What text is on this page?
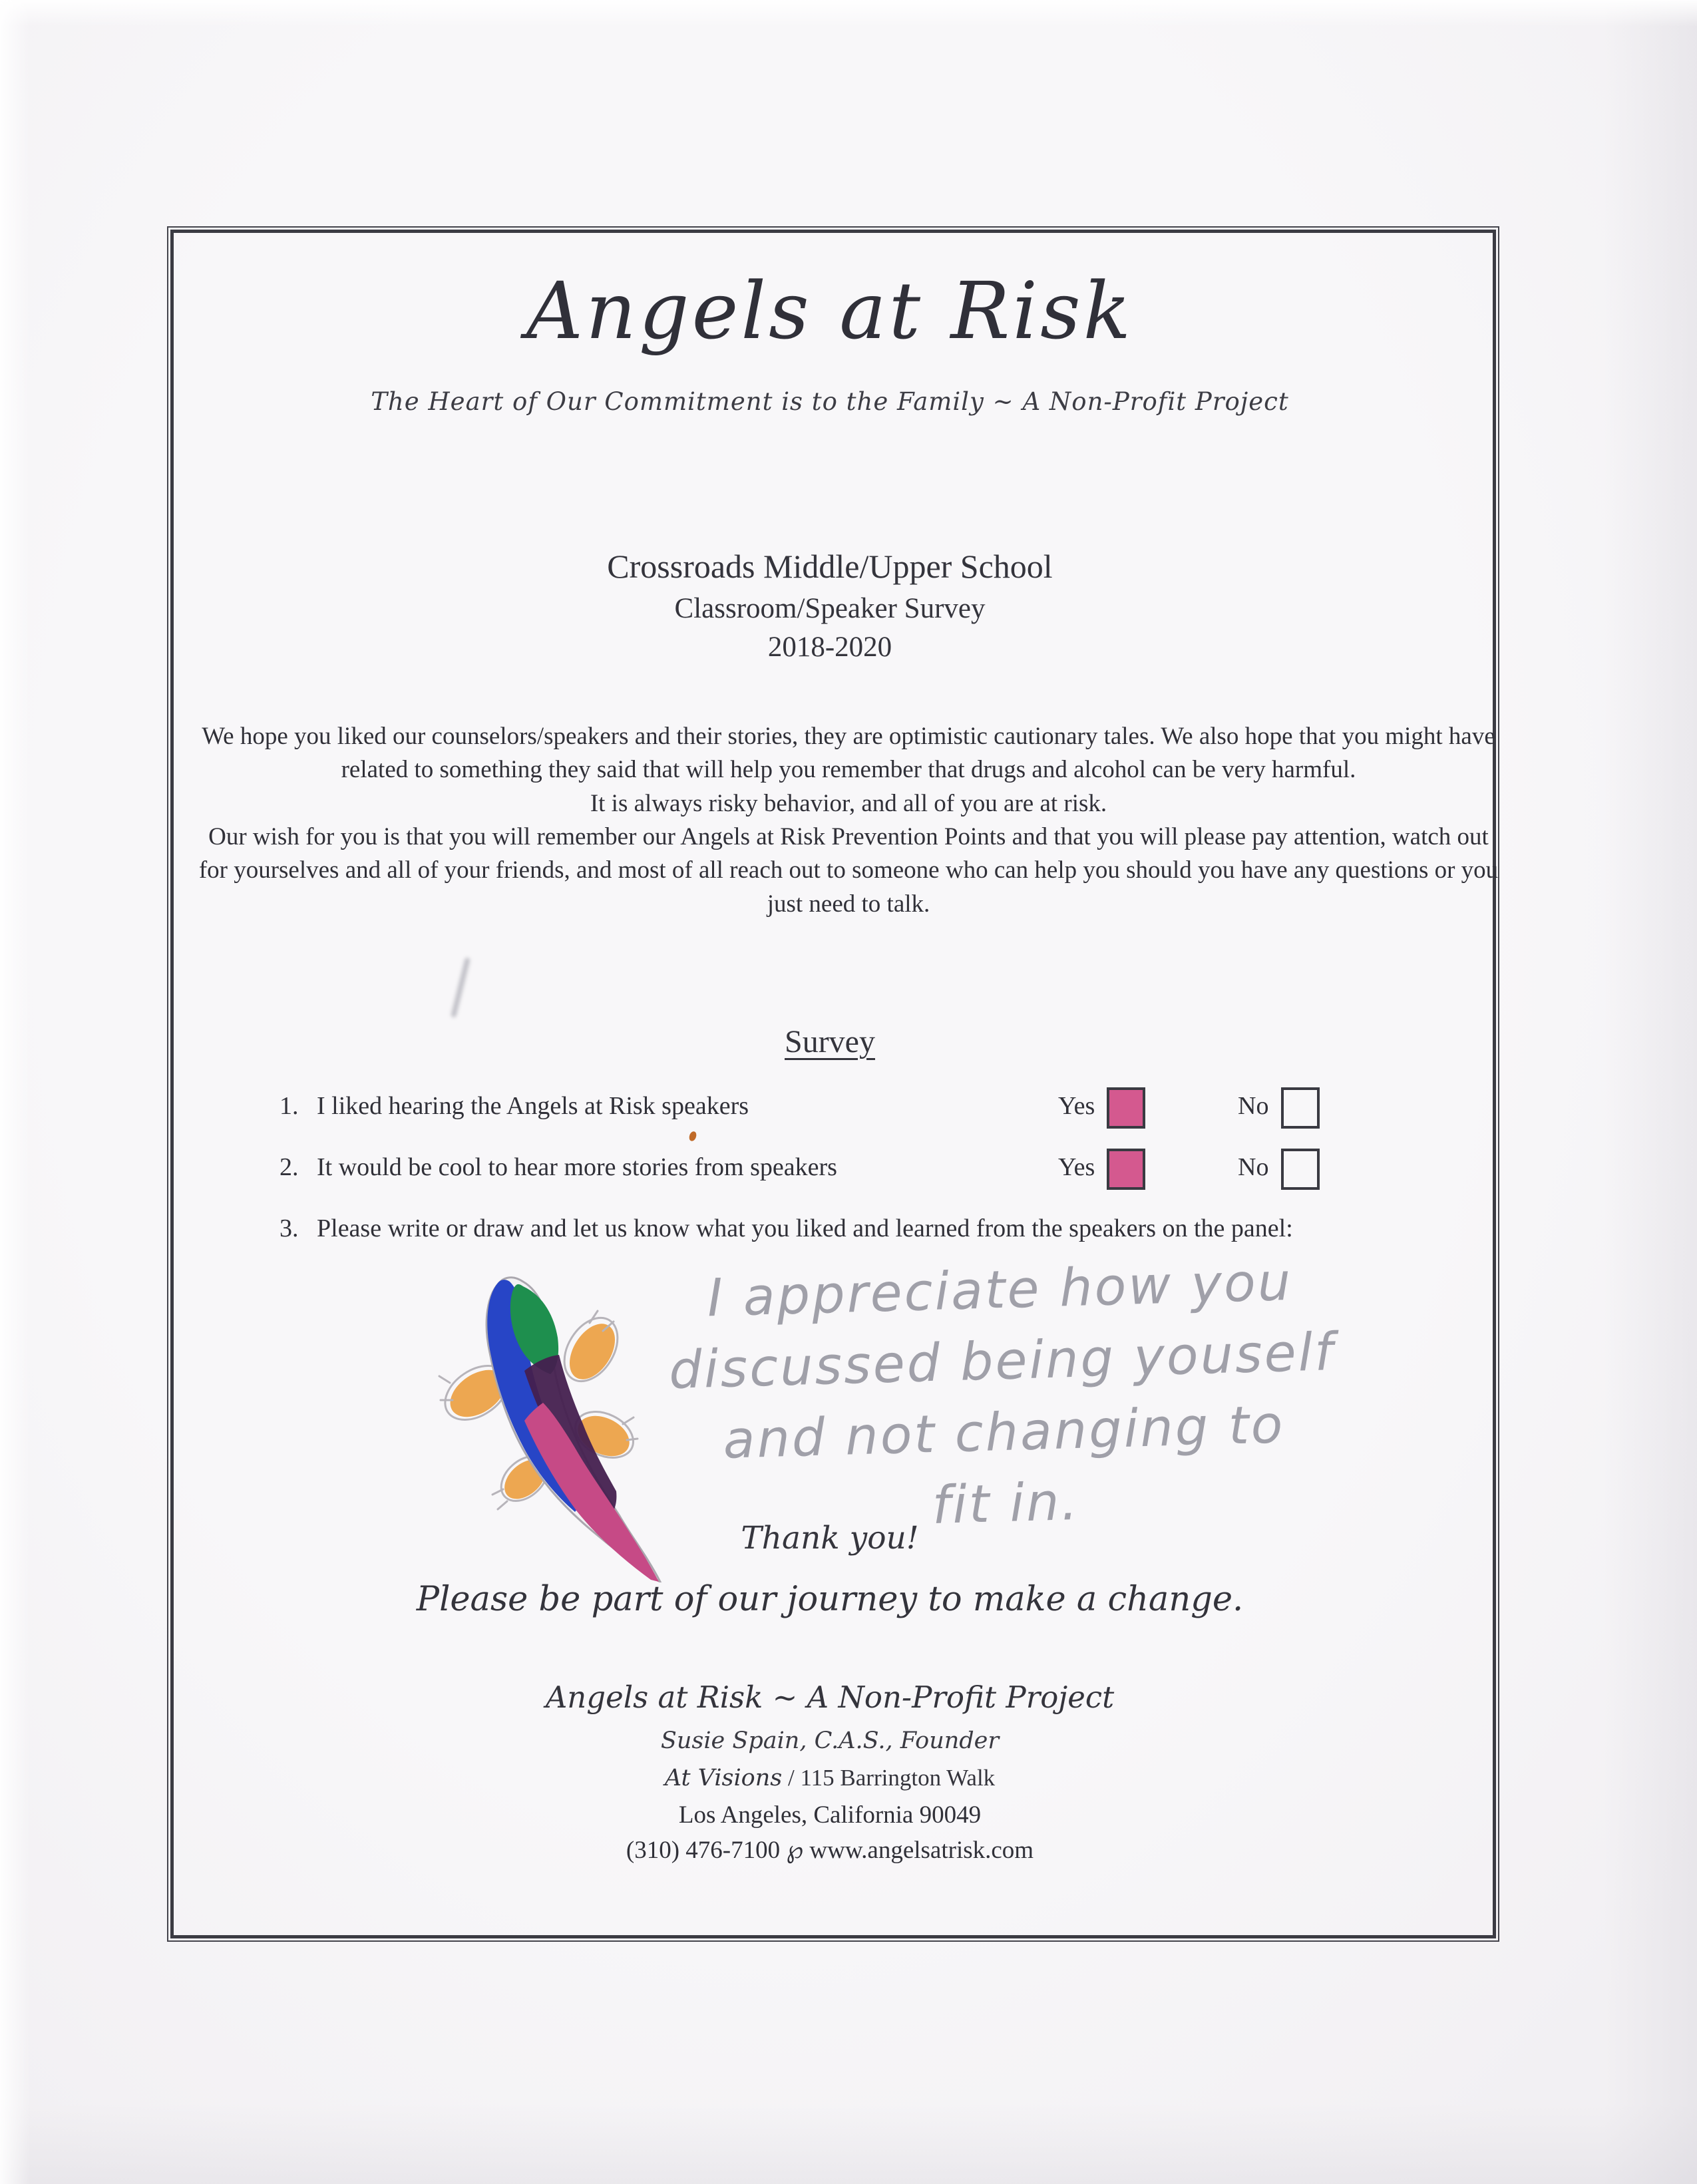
Angels at Risk
The Heart of Our Commitment is to the Family ~ A Non-Profit Project
Crossroads Middle/Upper School
Classroom/Speaker Survey
2018-2020

We hope you liked our counselors/speakers and their stories, they are optimistic cautionary tales. We also hope that you might have related to something they said that will help you remember that drugs and alcohol can be very harmful.

It is always risky behavior, and all of you are at risk.

Our wish for you is that you will remember our Angels at Risk Prevention Points and that you will please pay attention, watch out for yourselves and all of your friends, and most of all reach out to someone who can help you should you have any questions or you just need to talk.

Survey
1. I liked hearing the Angels at Risk speakers	Yes	No
2. It would be cool to hear more stories from speakers	Yes	No
3. Please write or draw and let us know what you liked and learned from the speakers on the panel:
I appreciate how you
discussed being youself
and not changing to
fit in.
Thank you!
Please be part of our journey to make a change.
Angels at Risk ~ A Non-Profit Project
Susie Spain, C.A.S., Founder
At Visions / 115 Barrington Walk
Los Angeles, California 90049
(310) 476-7100 ℘ www.angelsatrisk.com
